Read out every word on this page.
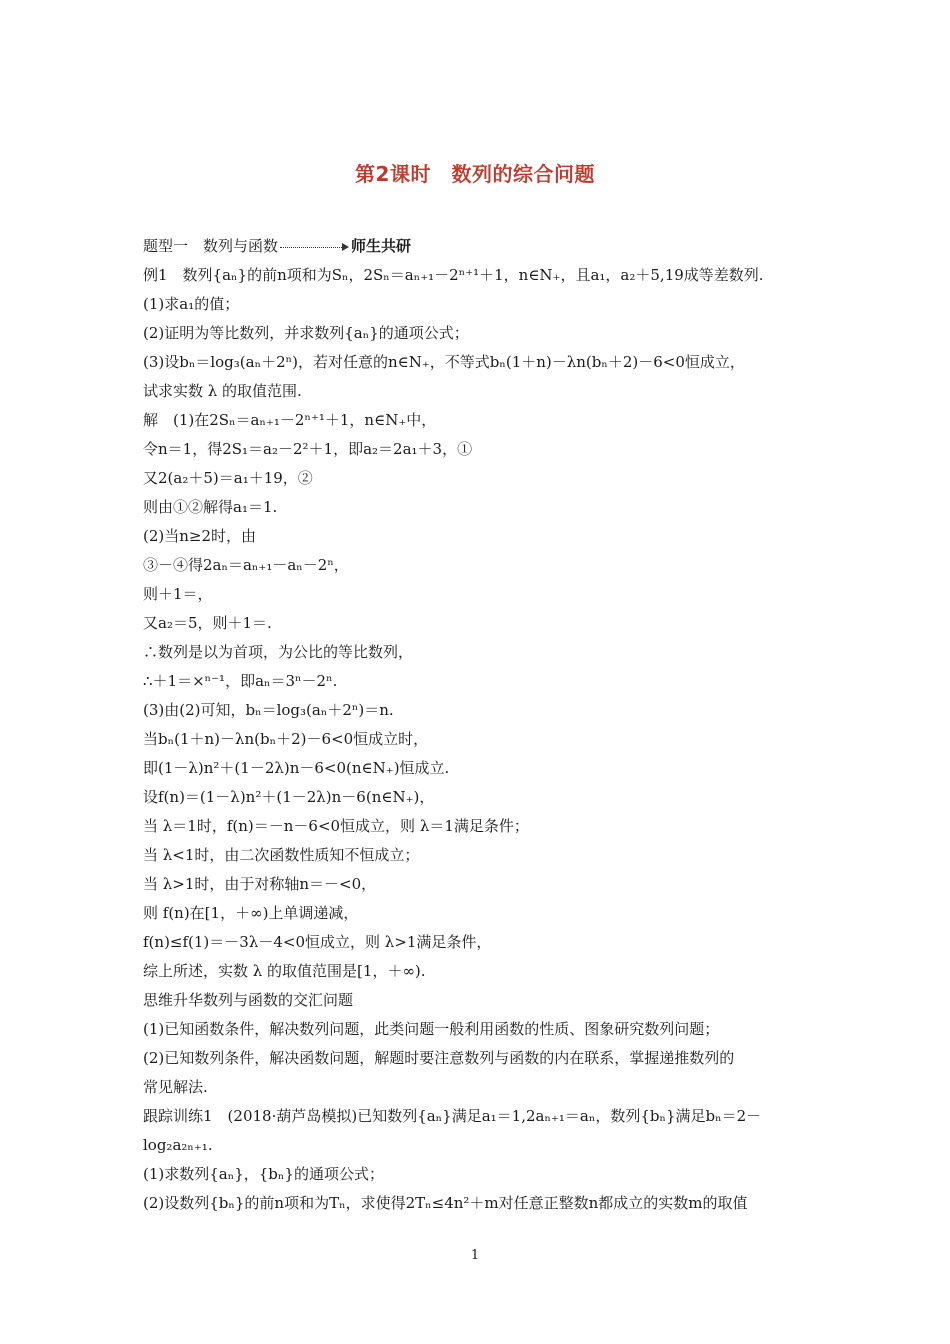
第2课时　数列的综合问题
题型一　数列与函数	师生共研
例1　数列{aₙ}的前n项和为Sₙ，2Sₙ＝aₙ₊₁－2ⁿ⁺¹＋1，n∈N₊，且a₁，a₂＋5,19成等差数列.
(1)求a₁的值；
(2)证明为等比数列，并求数列{aₙ}的通项公式；
(3)设bₙ＝log₃(aₙ＋2ⁿ)，若对任意的n∈N₊，不等式bₙ(1＋n)－λn(bₙ＋2)－6<0恒成立，
试求实数 λ 的取值范围.
解　(1)在2Sₙ＝aₙ₊₁－2ⁿ⁺¹＋1，n∈N₊中，
令n＝1，得2S₁＝a₂－2²＋1，即a₂＝2a₁＋3，①
又2(a₂＋5)＝a₁＋19，②
则由①②解得a₁＝1.
(2)当n≥2时，由
③－④得2aₙ＝aₙ₊₁－aₙ－2ⁿ，
则＋1＝，
又a₂＝5，则＋1＝.
∴数列是以为首项，为公比的等比数列，
∴＋1＝×ⁿ⁻¹，即aₙ＝3ⁿ－2ⁿ.
(3)由(2)可知，bₙ＝log₃(aₙ＋2ⁿ)＝n.
当bₙ(1＋n)－λn(bₙ＋2)－6<0恒成立时，
即(1－λ)n²＋(1－2λ)n－6<0(n∈N₊)恒成立.
设f(n)＝(1－λ)n²＋(1－2λ)n－6(n∈N₊)，
当 λ＝1时，f(n)＝－n－6<0恒成立，则 λ＝1满足条件；
当 λ<1时，由二次函数性质知不恒成立；
当 λ>1时，由于对称轴n＝－<0，
则 f(n)在[1，＋∞)上单调递减，
f(n)≤f(1)＝－3λ－4<0恒成立，则 λ>1满足条件，
综上所述，实数 λ 的取值范围是[1，＋∞).
思维升华数列与函数的交汇问题
(1)已知函数条件，解决数列问题，此类问题一般利用函数的性质、图象研究数列问题；
(2)已知数列条件，解决函数问题，解题时要注意数列与函数的内在联系，掌握递推数列的
常见解法.
跟踪训练1　(2018·葫芦岛模拟)已知数列{aₙ}满足a₁＝1,2aₙ₊₁＝aₙ，数列{bₙ}满足bₙ＝2－
log₂a₂ₙ₊₁.
(1)求数列{aₙ}，{bₙ}的通项公式；
(2)设数列{bₙ}的前n项和为Tₙ，求使得2Tₙ≤4n²＋m对任意正整数n都成立的实数m的取值
1
